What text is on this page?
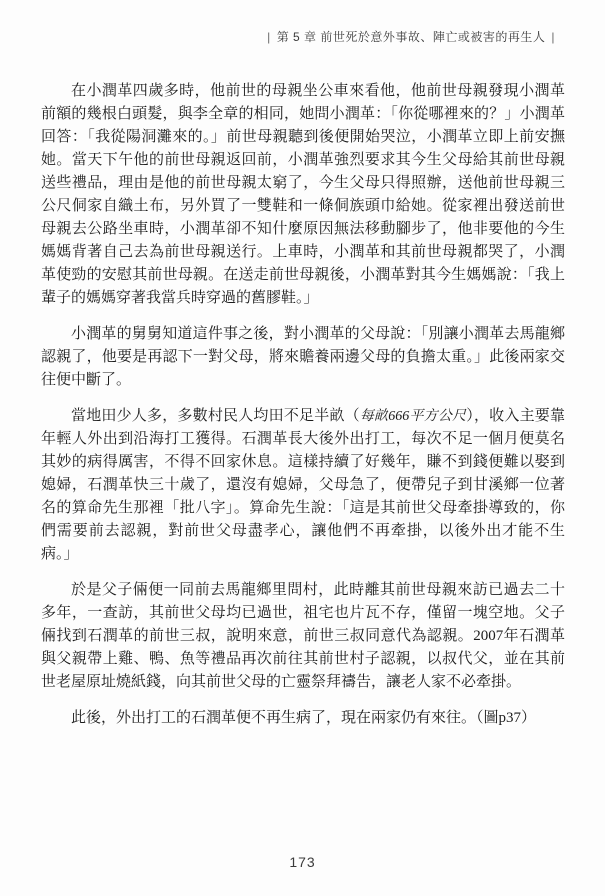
| 第 5 章 前世死於意外事故、陣亡或被害的再生人 |

在小潤革四歲多時，他前世的母親坐公車來看他，他前世母親發現小潤革前額的幾根白頭髮，與李全章的相同，她問小潤革：「你從哪裡來的？」小潤革回答：「我從陽洞灘來的。」前世母親聽到後便開始哭泣，小潤革立即上前安撫她。當天下午他的前世母親返回前，小潤革強烈要求其今生父母給其前世母親送些禮品，理由是他的前世母親太窮了，今生父母只得照辦，送他前世母親三公尺侗家自織土布，另外買了一雙鞋和一條侗族頭巾給她。從家裡出發送前世母親去公路坐車時，小潤革卻不知什麼原因無法移動腳步了，他非要他的今生媽媽背著自己去為前世母親送行。上車時，小潤革和其前世母親都哭了，小潤革使勁的安慰其前世母親。在送走前世母親後，小潤革對其今生媽媽說：「我上輩子的媽媽穿著我當兵時穿過的舊膠鞋。」

小潤革的舅舅知道這件事之後，對小潤革的父母說：「別讓小潤革去馬龍鄉認親了，他要是再認下一對父母，將來贍養兩邊父母的負擔太重。」此後兩家交往便中斷了。

當地田少人多，多數村民人均田不足半畝（每畝666平方公尺），收入主要靠年輕人外出到沿海打工獲得。石潤革長大後外出打工，每次不足一個月便莫名其妙的病得厲害，不得不回家休息。這樣持續了好幾年，賺不到錢便難以娶到媳婦，石潤革快三十歲了，還沒有媳婦，父母急了，便帶兒子到甘溪鄉一位著名的算命先生那裡「批八字」。算命先生說：「這是其前世父母牽掛導致的，你們需要前去認親，對前世父母盡孝心，讓他們不再牽掛，以後外出才能不生病。」

於是父子倆便一同前去馬龍鄉里問村，此時離其前世母親來訪已過去二十多年，一查訪，其前世父母均已過世，祖宅也片瓦不存，僅留一塊空地。父子倆找到石潤革的前世三叔，說明來意，前世三叔同意代為認親。2007年石潤革與父親帶上雞、鴨、魚等禮品再次前往其前世村子認親，以叔代父，並在其前世老屋原址燒紙錢，向其前世父母的亡靈祭拜禱告，讓老人家不必牽掛。

此後，外出打工的石潤革便不再生病了，現在兩家仍有來往。（圖p37）

173
